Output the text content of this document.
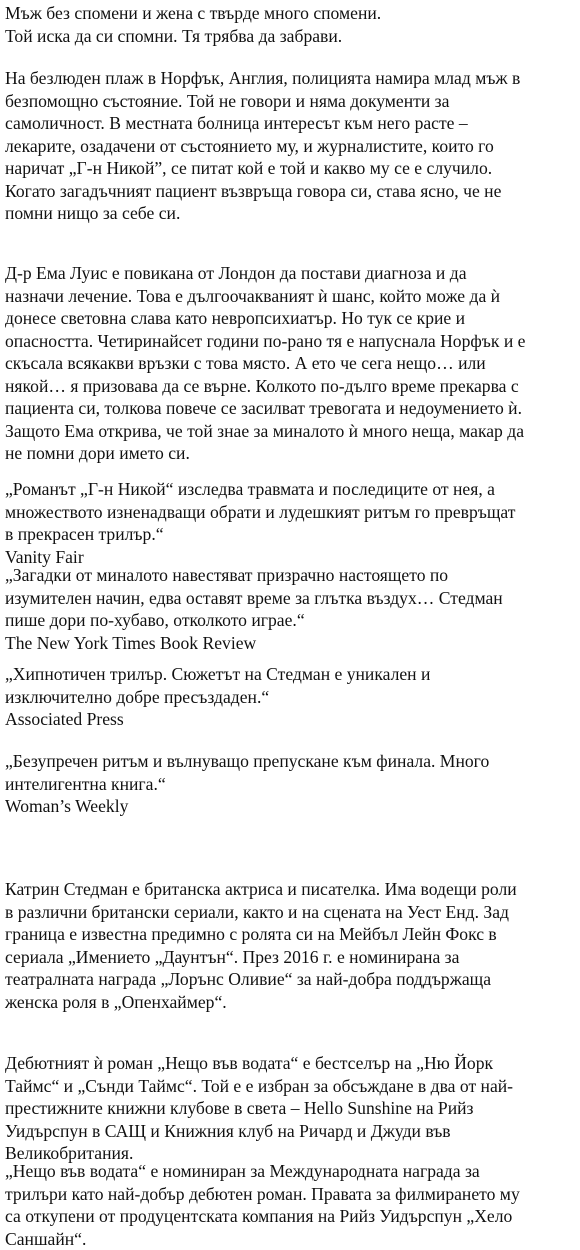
Мъж без спомени и жена с твърде много спомени.
Той иска да си спомни. Тя трябва да забрави.
На безлюден плаж в Норфък, Англия, полицията намира млад мъж в
безпомощно състояние. Той не говори и няма документи за
самоличност. В местната болница интересът към него расте –
лекарите, озадачени от състоянието му, и журналистите, които го
наричат „Г-н Никой”, се питат кой е той и какво му се е случило.
Когато загадъчният пациент възвръща говора си, става ясно, че не
помни нищо за себе си.
Д-р Ема Луис е повикана от Лондон да постави диагноза и да
назначи лечение. Това е дългоочакваният ѝ шанс, който може да ѝ
донесе световна слава като невропсихиатър. Но тук се крие и
опасността. Четиринайсет години по-рано тя е напуснала Норфък и е
скъсала всякакви връзки с това място. А ето че сега нещо… или
някой… я призовава да се върне. Колкото по-дълго време прекарва с
пациента си, толкова повече се засилват тревогата и недоумението ѝ.
Защото Ема открива, че той знае за миналото ѝ много неща, макар да
не помни дори името си.
„Романът „Г-н Никой“ изследва травмата и последиците от нея, а
множеството изненадващи обрати и лудешкият ритъм го превръщат
в прекрасен трилър.“
Vanity Fair
„Загадки от миналото навестяват призрачно настоящето по
изумителен начин, едва оставят време за глътка въздух… Стедман
пише дори по-хубаво, отколкото играе.“
The New York Times Book Review
„Хипнотичен трилър. Сюжетът на Стедман е уникален и
изключително добре пресъздаден.“
Associated Press
„Безупречен ритъм и вълнуващо препускане към финала. Много
интелигентна книга.“
Woman’s Weekly
Катрин Стедман е британска актриса и писателка. Има водещи роли
в различни британски сериали, както и на сцената на Уест Енд. Зад
граница е известна предимно с ролята си на Мейбъл Лейн Фокс в
сериала „Имението „Даунтън“. През 2016 г. е номинирана за
театралната награда „Лорънс Оливие“ за най-добра поддържаща
женска роля в „Опенхаймер“.
Дебютният ѝ роман „Нещо във водата“ е бестселър на „Ню Йорк
Таймс“ и „Сънди Таймс“. Той е е избран за обсъждане в два от най-
престижните книжни клубове в света – Hello Sunshine на Рийз
Уидърспун в САЩ и Книжния клуб на Ричард и Джуди във
Великобритания.
„Нещо във водата“ е номиниран за Международната награда за
трилъри като най-добър дебютен роман. Правата за филмирането му
са откупени от продуцентската компания на Рийз Уидърспун „Хело
Саншайн“.
